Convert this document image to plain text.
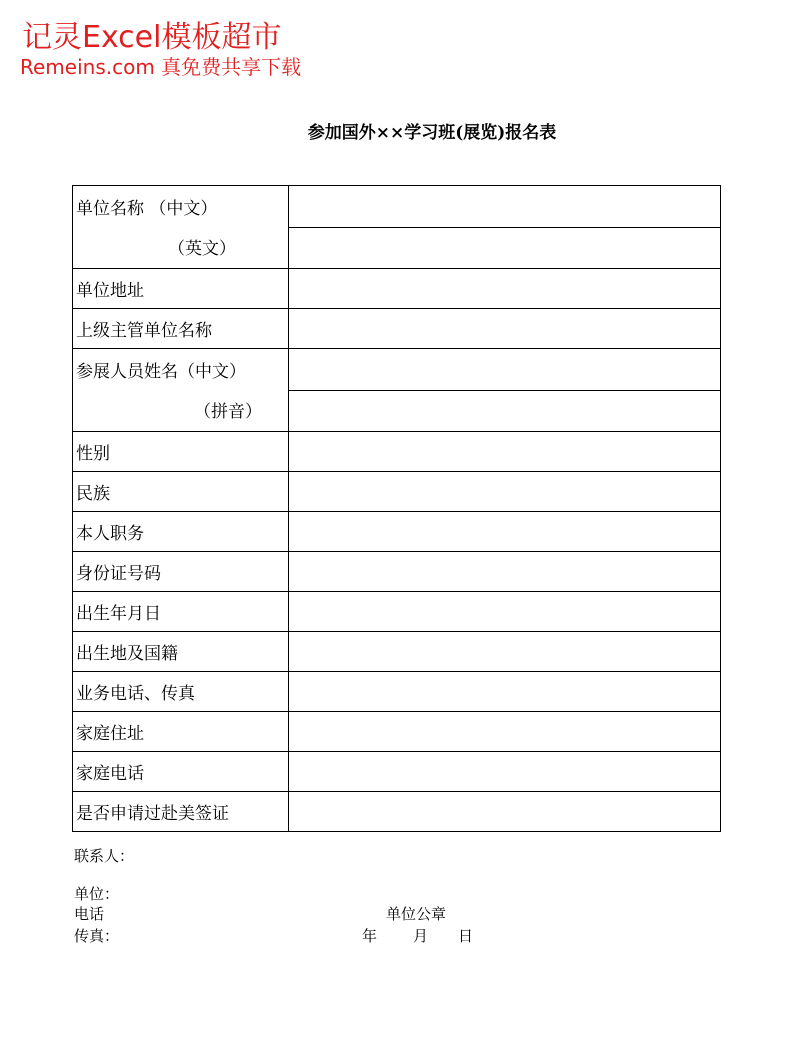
记灵Excel模板超市
Remeins.com 真免费共享下载
参加国外××学习班(展览)报名表
单位名称 （中文）
（英文）	

单位地址	
上级主管单位名称	

参展人员姓名（中文）
（拼音）	

性别	
民族	
本人职务	
身份证号码	
出生年月日	
出生地及国籍	
业务电话、传真	
家庭住址	
家庭电话	
是否申请过赴美签证	
联系人：
单位：
电话
传真：
单位公章
年 月 日
